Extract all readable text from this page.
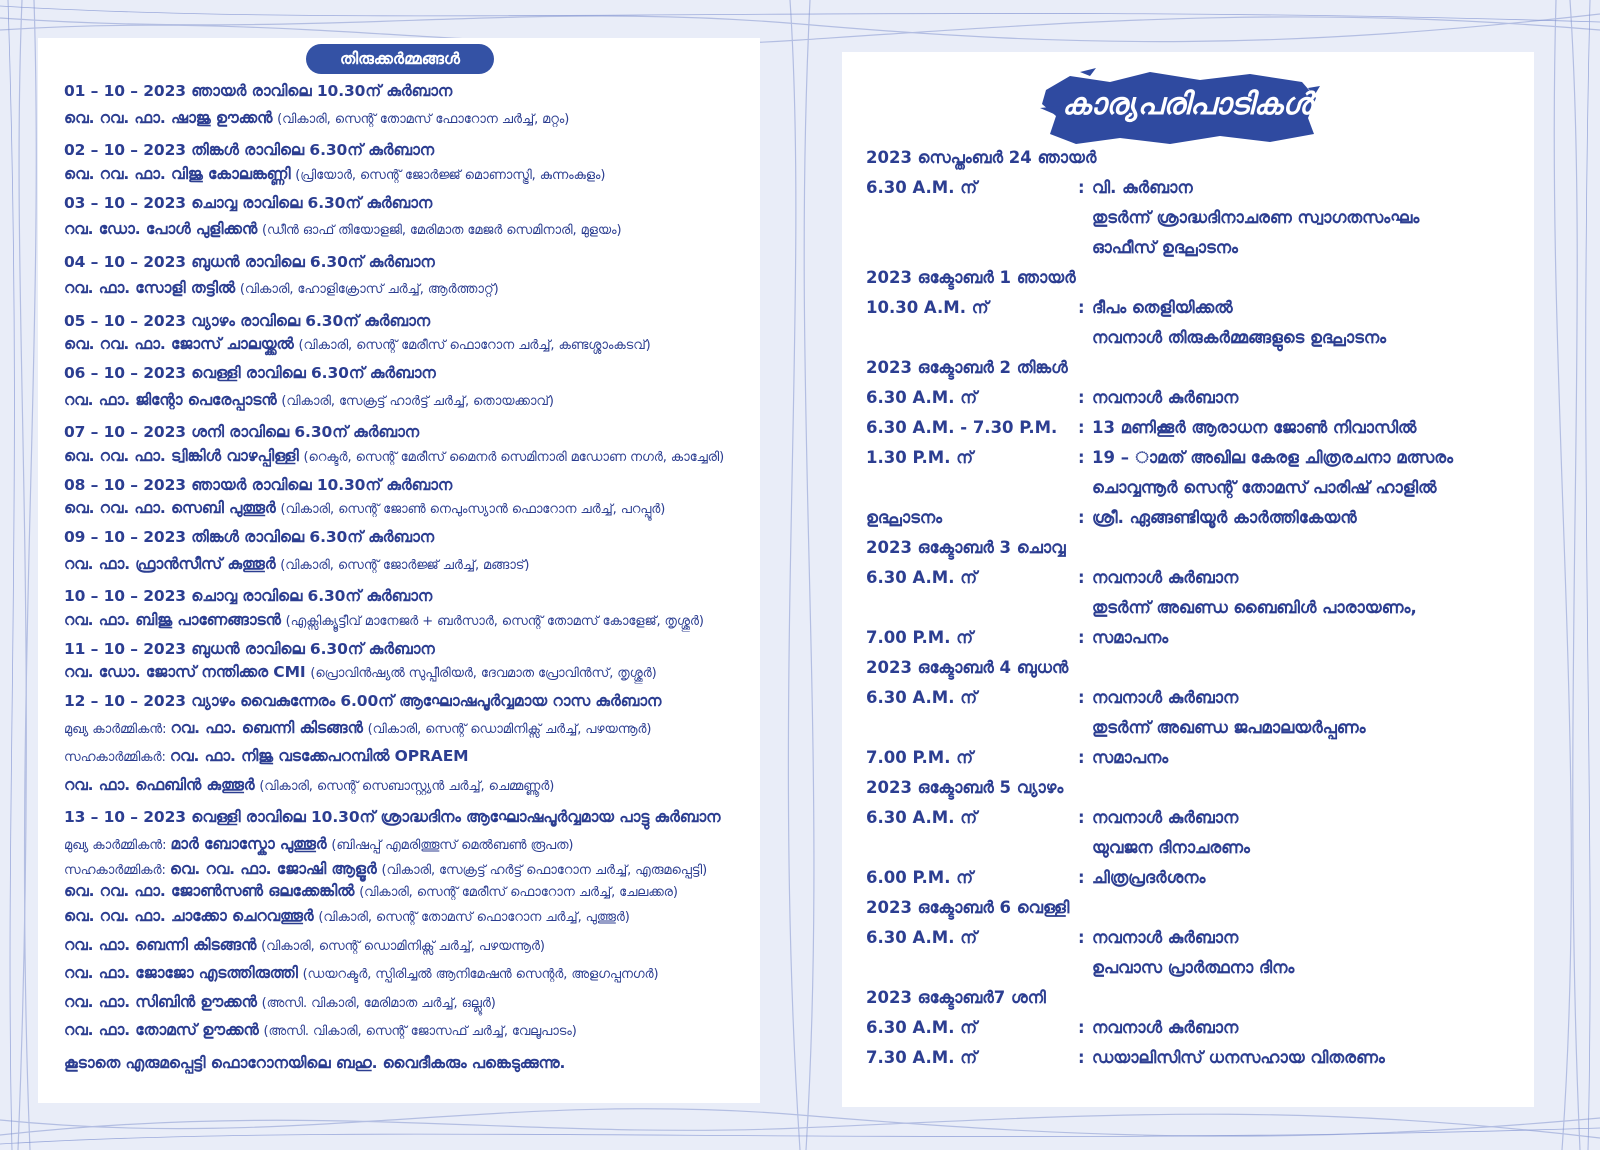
തിരുക്കർമ്മങ്ങൾ
കാര്യപരിപാടികൾ
01 – 10 – 2023 ഞായർ രാവിലെ 10.30ന് കുർബാന
വെ. റവ. ഫാ. ഷാജു ഊക്കൻ (വികാരി, സെന്റ് തോമസ് ഫോറോന ചർച്ച്, മറ്റം)
02 – 10 – 2023 തിങ്കൾ രാവിലെ 6.30ന് കുർബാന
വെ. റവ. ഫാ. വിജു കോലങ്കണ്ണി (പ്രിയോർ, സെന്റ് ജോർജ്ജ് മൊണാസ്ട്രി, കുന്നംകുളം)
03 – 10 – 2023 ചൊവ്വ രാവിലെ 6.30ന് കുർബാന
റവ. ഡോ. പോൾ പുളിക്കൻ (ഡീൻ ഓഫ് തിയോളജി, മേരിമാത മേജർ സെമിനാരി, മുളയം)
04 – 10 – 2023 ബുധൻ രാവിലെ 6.30ന് കുർബാന
റവ. ഫാ. സോളി തട്ടിൽ (വികാരി, ഹോളിക്രോസ് ചർച്ച്, ആർത്താറ്റ്)
05 – 10 – 2023 വ്യാഴം രാവിലെ 6.30ന് കുർബാന
വെ. റവ. ഫാ. ജോസ് ചാലയ്ക്കൽ (വികാരി, സെന്റ് മേരീസ് ഫൊറോന ചർച്ച്, കണ്ടശ്ശാംകടവ്)
06 – 10 – 2023 വെള്ളി രാവിലെ 6.30ന് കുർബാന
റവ. ഫാ. ജിന്റോ പെരേപ്പാടൻ (വികാരി, സേക്രട്ട് ഹാർട്ട് ചർച്ച്, തൊയക്കാവ്)
07 – 10 – 2023 ശനി രാവിലെ 6.30ന് കുർബാന
വെ. റവ. ഫാ. ട്വിങ്കിൾ വാഴപ്പിള്ളി (റെക്ടർ, സെന്റ് മേരീസ് മൈനർ സെമിനാരി മഡോണ നഗർ, കാച്ചേരി)
08 – 10 – 2023 ഞായർ രാവിലെ 10.30ന് കുർബാന
വെ. റവ. ഫാ. സെബി പുത്തൂർ (വികാരി, സെന്റ് ജോൺ നെപുംസ്യാൻ ഫൊറോന ചർച്ച്, പറപ്പൂർ)
09 – 10 – 2023 തിങ്കൾ രാവിലെ 6.30ന് കുർബാന
റവ. ഫാ. ഫ്രാൻസീസ് കുത്തൂർ (വികാരി, സെന്റ് ജോർജ്ജ് ചർച്ച്, മങ്ങാട്)
10 – 10 – 2023 ചൊവ്വ രാവിലെ 6.30ന് കുർബാന
റവ. ഫാ. ബിജു പാണേങ്ങാടൻ (എക്സിക്യൂട്ടീവ് മാനേജർ + ബർസാർ, സെന്റ് തോമസ് കോളേജ്, തൃശ്ശൂർ)
11 – 10 – 2023 ബുധൻ രാവിലെ 6.30ന് കുർബാന
റവ. ഡോ. ജോസ് നന്തിക്കര CMI (പ്രൊവിൻഷ്യൽ സുപ്പീരിയർ, ദേവമാത പ്രോവിൻസ്, തൃശ്ശൂർ)
12 – 10 – 2023 വ്യാഴം വൈകുന്നേരം 6.00ന് ആഘോഷപൂർവ്വമായ റാസ കുർബാന
മുഖ്യ കാർമ്മികൻ: റവ. ഫാ. ബെന്നി കിടങ്ങൻ (വികാരി, സെന്റ് ഡൊമിനിക്സ് ചർച്ച്, പഴയന്നൂർ)
സഹകാർമ്മികർ: റവ. ഫാ. നിജു വടക്കേപറമ്പിൽ OPRAEM
റവ. ഫാ. ഫെബിൻ കുത്തൂർ (വികാരി, സെന്റ് സെബാസ്റ്റ്യൻ ചർച്ച്, ചെമ്മണ്ണൂർ)
13 – 10 – 2023 വെള്ളി രാവിലെ 10.30ന് ശ്രാദ്ധദിനം ആഘോഷപൂർവ്വമായ പാട്ടു കുർബാന
മുഖ്യ കാർമ്മികൻ: മാർ ബോസ്കോ പുത്തൂർ (ബിഷപ്പ് എമരിത്തൂസ് മെൽബൺ രൂപത)
സഹകാർമ്മികർ: വെ. റവ. ഫാ. ജോഷി ആളൂർ (വികാരി, സേക്രട്ട് ഹർട്ട് ഫൊറോന ചർച്ച്, എരുമപ്പെട്ടി)
വെ. റവ. ഫാ. ജോൺസൺ ഒലക്കേങ്കിൽ (വികാരി, സെന്റ് മേരീസ് ഫൊറോന ചർച്ച്, ചേലക്കര)
വെ. റവ. ഫാ. ചാക്കോ ചെറവത്തൂർ (വികാരി, സെന്റ് തോമസ് ഫൊറോന ചർച്ച്, പുത്തൂർ)
റവ. ഫാ. ബെന്നി കിടങ്ങൻ (വികാരി, സെന്റ് ഡൊമിനിക്സ് ചർച്ച്, പഴയന്നൂർ)
റവ. ഫാ. ജോജോ എടത്തിരുത്തി (ഡയറക്ടർ, സ്പിരിച്ചൽ ആനിമേഷൻ സെന്റർ, അളഗപ്പനഗർ)
റവ. ഫാ. സിബിൻ ഊക്കൻ (അസി. വികാരി, മേരിമാത ചർച്ച്, ഒല്ലൂർ)
റവ. ഫാ. തോമസ് ഊക്കൻ (അസി. വികാരി, സെന്റ് ജോസഫ് ചർച്ച്, വേലൂപാടം)
കൂടാതെ എരുമപ്പെട്ടി ഫൊറോനയിലെ ബഹു. വൈദീകരും പങ്കെടുക്കുന്നു.
2023 സെപ്തംബർ 24 ഞായർ
6.30 A.M. ന്	: വി. കുർബാന
തുടർന്ന് ശ്രാദ്ധദിനാചരണ സ്വാഗതസംഘം
ഓഫീസ് ഉദ്ഘാടനം
2023 ഒക്ടോബർ 1 ഞായർ
10.30 A.M. ന്	: ദീപം തെളിയിക്കൽ
നവനാൾ തിരുകർമ്മങ്ങളുടെ ഉദ്ഘാടനം
2023 ഒക്ടോബർ 2 തിങ്കൾ
6.30 A.M. ന്	: നവനാൾ കുർബാന
6.30 A.M. - 7.30 P.M. : 13 മണിക്കൂർ ആരാധന ജോൺ നിവാസിൽ
1.30 P.M. ന്	: 19 – ാമത് അഖില കേരള ചിത്രരചനാ മത്സരം
ചൊവ്വന്നൂർ സെന്റ് തോമസ് പാരിഷ് ഹാളിൽ
ഉദ്ഘാടനം	: ശ്രീ. ഏങ്ങണ്ടിയൂർ കാർത്തികേയൻ
2023 ഒക്ടോബർ 3 ചൊവ്വ
6.30 A.M. ന്	: നവനാൾ കുർബാന
തുടർന്ന് അഖണ്ഡ ബൈബിൾ പാരായണം,
7.00 P.M. ന്	: സമാപനം
2023 ഒക്ടോബർ 4 ബുധൻ
6.30 A.M. ന്	: നവനാൾ കുർബാന
തുടർന്ന് അഖണ്ഡ ജപമാലയർപ്പണം
7.00 P.M. ന്	: സമാപനം
2023 ഒക്ടോബർ 5 വ്യാഴം
6.30 A.M. ന്	: നവനാൾ കുർബാന
യുവജന ദിനാചരണം
6.00 P.M. ന്	: ചിത്രപ്രദർശനം
2023 ഒക്ടോബർ 6 വെള്ളി
6.30 A.M. ന്	: നവനാൾ കുർബാന
ഉപവാസ പ്രാർത്ഥനാ ദിനം
2023 ഒക്ടോബർ7 ശനി
6.30 A.M. ന്	: നവനാൾ കുർബാന
7.30 A.M. ന്	: ഡയാലിസിസ് ധനസഹായ വിതരണം
